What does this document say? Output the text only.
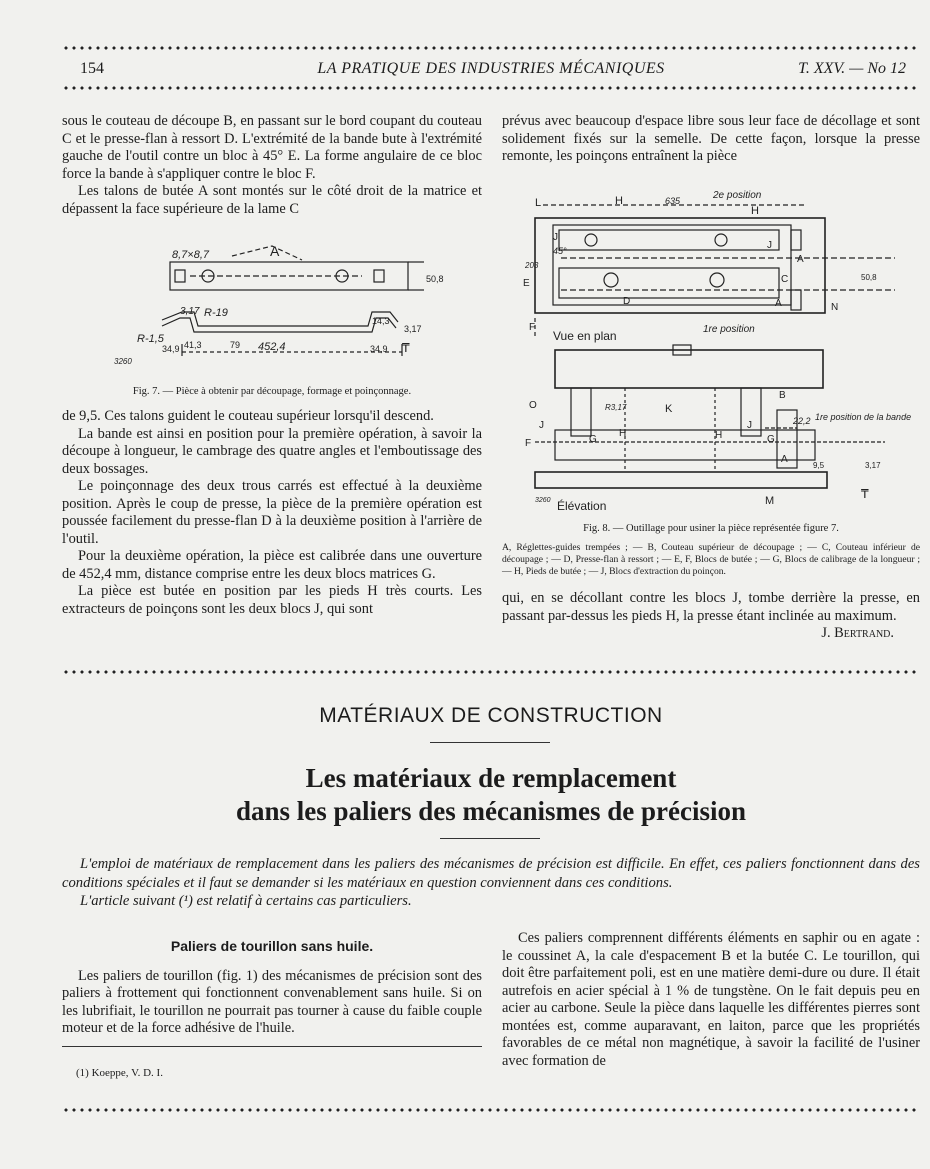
154	LA PRATIQUE DES INDUSTRIES MÉCANIQUES	T. XXV. — No 12

sous le couteau de découpe B, en passant sur le bord coupant du couteau C et le presse-flan à ressort D. L'extrémité de la bande bute à l'extrémité gauche de l'outil contre un bloc à 45° E. La forme angulaire de ce bloc force la bande à s'appliquer contre le bloc F.

Les talons de butée A sont montés sur le côté droit de la matrice et dépassent la face supérieure de la lame C

8,7×8,7	A
50,8
R-1,5
3,17 R-19
34,9 41,3	452,4	34,9
3,17
14,3
79
3260
₸
Fig. 7. — Pièce à obtenir par découpage, formage et poinçonnage.

de 9,5. Ces talons guident le couteau supérieur lorsqu'il descend.

La bande est ainsi en position pour la première opération, à savoir la découpe à longueur, le cambrage des quatre angles et l'emboutissage des deux bossages.

Le poinçonnage des deux trous carrés est effectué à la deuxième position. Après le coup de presse, la pièce de la première opération est poussée facilement du presse-flan D à la deuxième position à l'arrière de l'outil.

Pour la deuxième opération, la pièce est calibrée dans une ouverture de 452,4 mm, distance comprise entre les deux blocs matrices G.

La pièce est butée en position par les pieds H très courts. Les extracteurs de poinçons sont les deux blocs J, qui sont

prévus avec beaucoup d'espace libre sous leur face de décollage et sont solidement fixés sur la semelle. De cette façon, lorsque la presse remonte, les poinçons entraînent la pièce

L	H	635	2e position
H
J
45°	J
A
E
203
C	50,8
D	A	N
F
Vue en plan	1re position
B
O	R3,17	K
J
G
H	H
J
G
F
A
22,2 1re position de la bande
9,5	3,17
3260 Élévation	M	₸
Fig. 8. — Outillage pour usiner la pièce représentée figure 7.
A, Réglettes-guides trempées ; — B, Couteau supérieur de découpage ; — C, Couteau inférieur de découpage ; — D, Presse-flan à ressort ; — E, F, Blocs de butée ; — G, Blocs de calibrage de la longueur ; — H, Pieds de butée ; — J, Blocs d'extraction du poinçon.

qui, en se décollant contre les blocs J, tombe derrière la presse, en passant par-dessus les pieds H, la presse étant inclinée au maximum.

J. Bertrand.
MATÉRIAUX DE CONSTRUCTION
Les matériaux de remplacement
dans les paliers des mécanismes de précision

L'emploi de matériaux de remplacement dans les paliers des mécanismes de précision est difficile. En effet, ces paliers fonctionnent dans des conditions spéciales et il faut se demander si les matériaux en question conviennent dans ces conditions.

L'article suivant (¹) est relatif à certains cas particuliers.

Paliers de tourillon sans huile.

Les paliers de tourillon (fig. 1) des mécanismes de précision sont des paliers à frottement qui fonctionnent convenablement sans huile. Si on les lubrifiait, le tourillon ne pourrait pas tourner à cause du faible couple moteur et de la force adhésive de l'huile.

(1) Koeppe, V. D. I.

Ces paliers comprennent différents éléments en saphir ou en agate : le coussinet A, la cale d'espacement B et la butée C. Le tourillon, qui doit être parfaitement poli, est en une matière demi-dure ou dure. Il était autrefois en acier spécial à 1 % de tungstène. On le fait depuis peu en acier au carbone. Seule la pièce dans laquelle les différentes pierres sont montées est, comme auparavant, en laiton, parce que les propriétés favorables de ce métal non magnétique, à savoir la facilité de l'usiner avec formation de
